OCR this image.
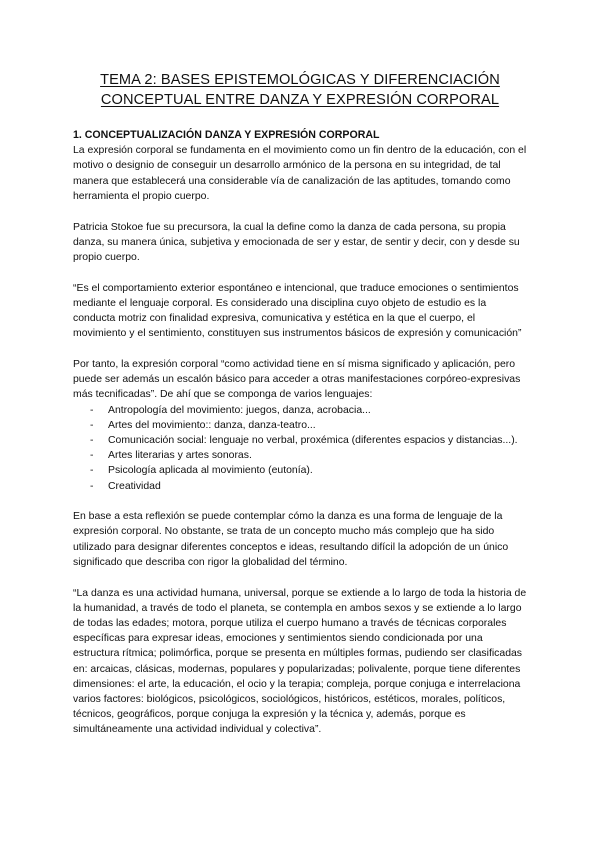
TEMA 2: BASES EPISTEMOLÓGICAS Y DIFERENCIACIÓN
CONCEPTUAL ENTRE DANZA Y EXPRESIÓN CORPORAL

1. CONCEPTUALIZACIÓN DANZA Y EXPRESIÓN CORPORAL

La expresión corporal se fundamenta en el movimiento como un fin dentro de la educación, con el motivo o designio de conseguir un desarrollo armónico de la persona en su integridad, de tal manera que establecerá una considerable vía de canalización de las aptitudes, tomando como herramienta el propio cuerpo.

Patricia Stokoe fue su precursora, la cual la define como la danza de cada persona, su propia danza, su manera única, subjetiva y emocionada de ser y estar, de sentir y decir, con y desde su propio cuerpo.

“Es el comportamiento exterior espontáneo e intencional, que traduce emociones o sentimientos mediante el lenguaje corporal. Es considerado una disciplina cuyo objeto de estudio es la conducta motriz con finalidad expresiva, comunicativa y estética en la que el cuerpo, el movimiento y el sentimiento, constituyen sus instrumentos básicos de expresión y comunicación”

Por tanto, la expresión corporal “como actividad tiene en sí misma significado y aplicación, pero puede ser además un escalón básico para acceder a otras manifestaciones corpóreo-expresivas más tecnificadas”. De ahí que se componga de varios lenguajes:

- Antropología del movimiento: juegos, danza, acrobacia...
- Artes del movimiento:: danza, danza-teatro...
- Comunicación social: lenguaje no verbal, proxémica (diferentes espacios y distancias...).
- Artes literarias y artes sonoras.
- Psicología aplicada al movimiento (eutonía).
- Creatividad

En base a esta reflexión se puede contemplar cómo la danza es una forma de lenguaje de la expresión corporal. No obstante, se trata de un concepto mucho más complejo que ha sido utilizado para designar diferentes conceptos e ideas, resultando difícil la adopción de un único significado que describa con rigor la globalidad del término.

“La danza es una actividad humana, universal, porque se extiende a lo largo de toda la historia de la humanidad, a través de todo el planeta, se contempla en ambos sexos y se extiende a lo largo de todas las edades; motora, porque utiliza el cuerpo humano a través de técnicas corporales específicas para expresar ideas, emociones y sentimientos siendo condicionada por una estructura rítmica; polimórfica, porque se presenta en múltiples formas, pudiendo ser clasificadas en: arcaicas, clásicas, modernas, populares y popularizadas; polivalente, porque tiene diferentes dimensiones: el arte, la educación, el ocio y la terapia; compleja, porque conjuga e interrelaciona varios factores: biológicos, psicológicos, sociológicos, históricos, estéticos, morales, políticos, técnicos, geográficos, porque conjuga la expresión y la técnica y, además, porque es simultáneamente una actividad individual y colectiva”.
